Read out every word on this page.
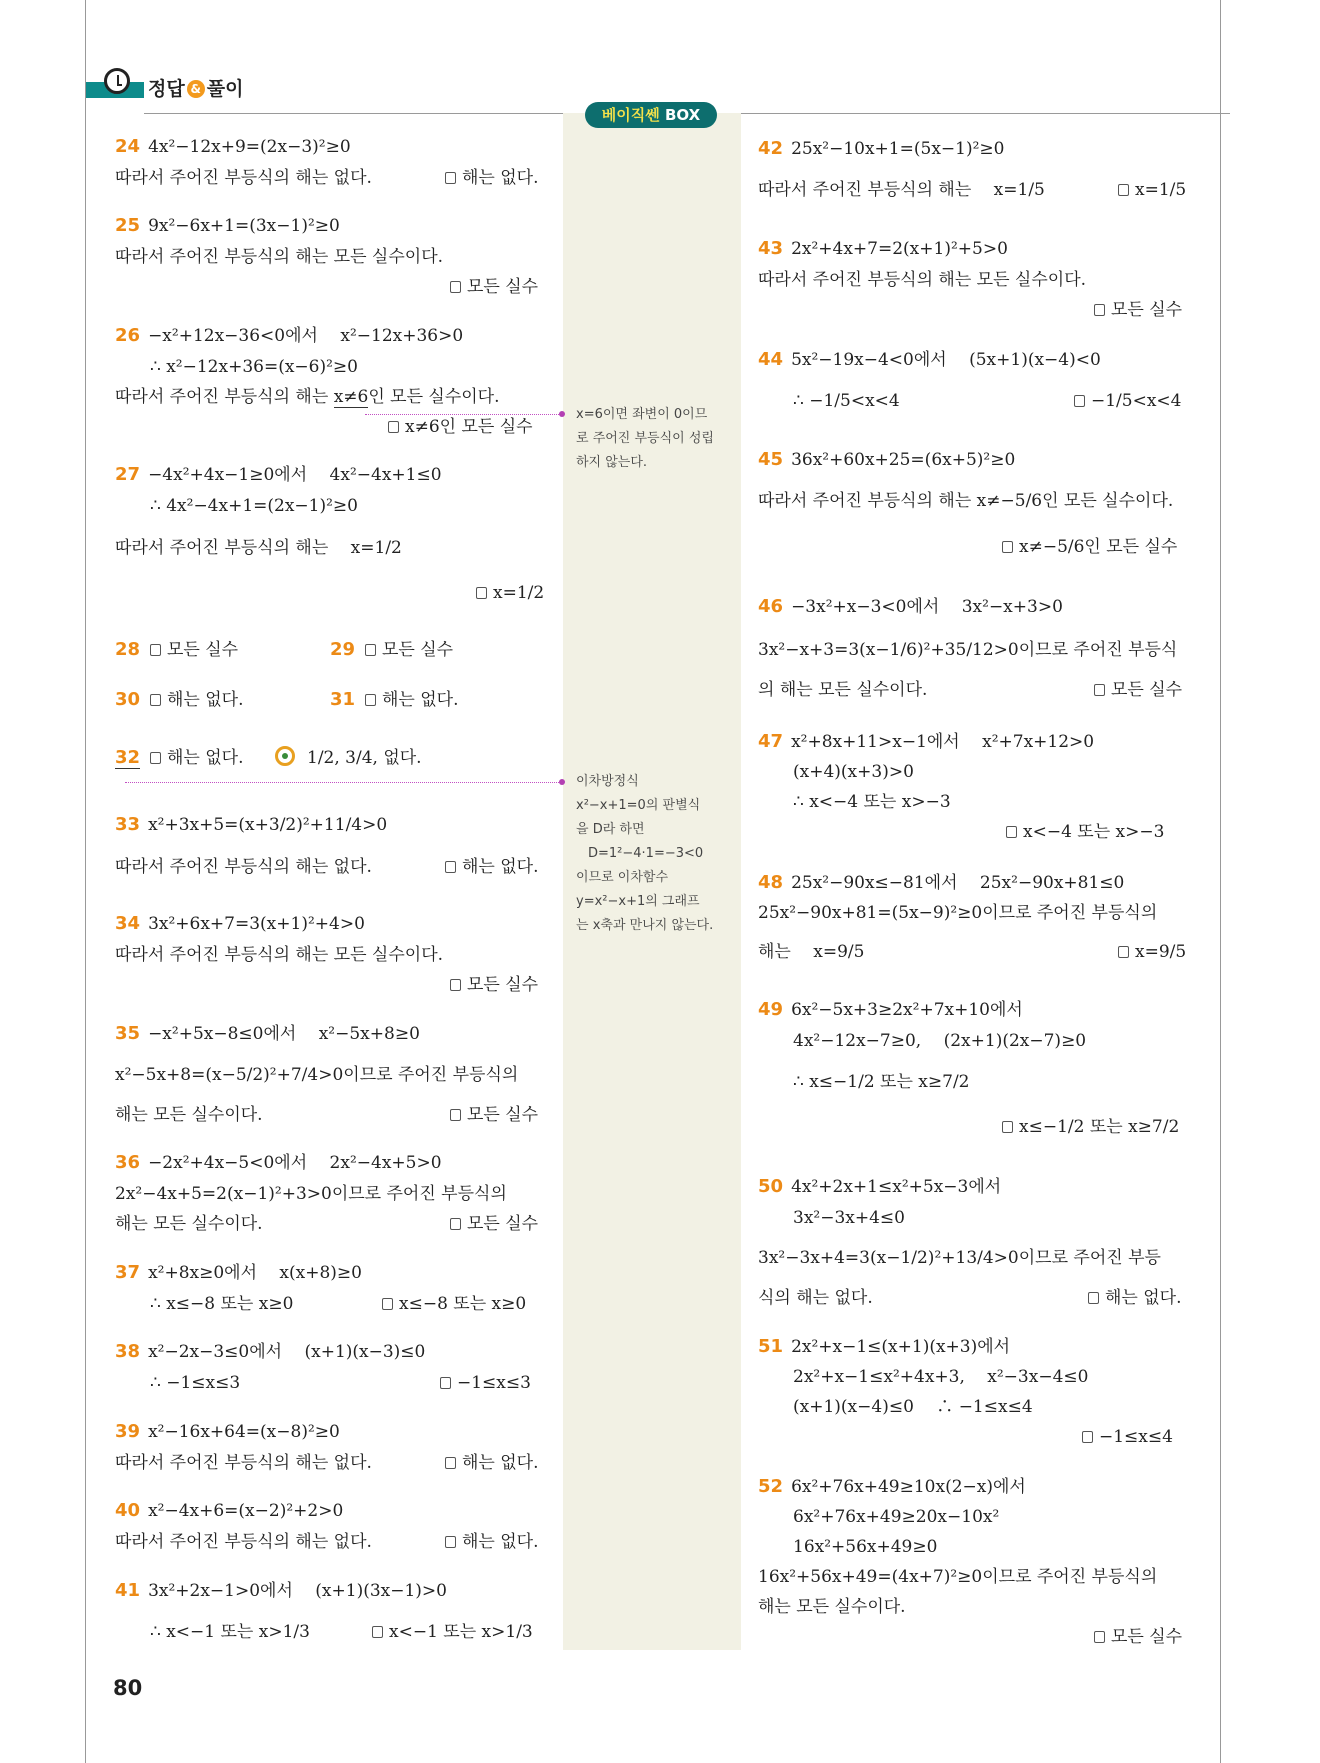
정답 & 풀이
베이직쎈 BOX
24 4x²−12x+9=(2x−3)²≥0
따라서 주어진 부등식의 해는 없다.	해는 없다.
25 9x²−6x+1=(3x−1)²≥0
따라서 주어진 부등식의 해는 모든 실수이다.
모든 실수
26 −x²+12x−36<0에서　 x²−12x+36>0
∴ x²−12x+36=(x−6)²≥0
따라서 주어진 부등식의 해는 x≠6인 모든 실수이다.
x≠6인 모든 실수
27 −4x²+4x−1≥0에서　 4x²−4x+1≤0
∴ 4x²−4x+1=(2x−1)²≥0
따라서 주어진 부등식의 해는　 x=1/2
x=1/2
28	모든 실수	29	모든 실수
30	해는 없다.	31	해는 없다.
32	해는 없다.	1/2, 3/4, 없다.
33 x²+3x+5=(x+3/2)²+11/4>0
따라서 주어진 부등식의 해는 없다.	해는 없다.
34 3x²+6x+7=3(x+1)²+4>0
따라서 주어진 부등식의 해는 모든 실수이다.
모든 실수
35 −x²+5x−8≤0에서　 x²−5x+8≥0
x²−5x+8=(x−5/2)²+7/4>0이므로 주어진 부등식의
해는 모든 실수이다.	모든 실수
36 −2x²+4x−5<0에서　 2x²−4x+5>0
2x²−4x+5=2(x−1)²+3>0이므로 주어진 부등식의
해는 모든 실수이다.	모든 실수
37 x²+8x≥0에서　 x(x+8)≥0
∴ x≤−8 또는 x≥0	x≤−8 또는 x≥0
38 x²−2x−3≤0에서　 (x+1)(x−3)≤0
∴ −1≤x≤3	−1≤x≤3
39 x²−16x+64=(x−8)²≥0
따라서 주어진 부등식의 해는 없다.	해는 없다.
40 x²−4x+6=(x−2)²+2>0
따라서 주어진 부등식의 해는 없다.	해는 없다.
41 3x²+2x−1>0에서　 (x+1)(3x−1)>0
∴ x<−1 또는 x>1/3	x<−1 또는 x>1/3
x=6이면 좌변이 0이므
로 주어진 부등식이 성립
하지 않는다.
이차방정식
x²−x+1=0의 판별식
을 D라 하면
D=1²−4·1=−3<0
이므로 이차함수
y=x²−x+1의 그래프
는 x축과 만나지 않는다.
42 25x²−10x+1=(5x−1)²≥0
따라서 주어진 부등식의 해는　 x=1/5	x=1/5
43 2x²+4x+7=2(x+1)²+5>0
따라서 주어진 부등식의 해는 모든 실수이다.
모든 실수
44 5x²−19x−4<0에서　 (5x+1)(x−4)<0
∴ −1/5<x<4	−1/5<x<4
45 36x²+60x+25=(6x+5)²≥0
따라서 주어진 부등식의 해는 x≠−5/6인 모든 실수이다.
x≠−5/6인 모든 실수
46 −3x²+x−3<0에서　 3x²−x+3>0
3x²−x+3=3(x−1/6)²+35/12>0이므로 주어진 부등식
의 해는 모든 실수이다.	모든 실수
47 x²+8x+11>x−1에서　 x²+7x+12>0
(x+4)(x+3)>0
∴ x<−4 또는 x>−3
x<−4 또는 x>−3
48 25x²−90x≤−81에서　 25x²−90x+81≤0
25x²−90x+81=(5x−9)²≥0이므로 주어진 부등식의
해는　 x=9/5	x=9/5
49 6x²−5x+3≥2x²+7x+10에서
4x²−12x−7≥0,　 (2x+1)(2x−7)≥0
∴ x≤−1/2 또는 x≥7/2
x≤−1/2 또는 x≥7/2
50 4x²+2x+1≤x²+5x−3에서
3x²−3x+4≤0
3x²−3x+4=3(x−1/2)²+13/4>0이므로 주어진 부등
식의 해는 없다.	해는 없다.
51 2x²+x−1≤(x+1)(x+3)에서
2x²+x−1≤x²+4x+3,　 x²−3x−4≤0
(x+1)(x−4)≤0　 ∴ −1≤x≤4
−1≤x≤4
52 6x²+76x+49≥10x(2−x)에서
6x²+76x+49≥20x−10x²
16x²+56x+49≥0
16x²+56x+49=(4x+7)²≥0이므로 주어진 부등식의
해는 모든 실수이다.
모든 실수
80
